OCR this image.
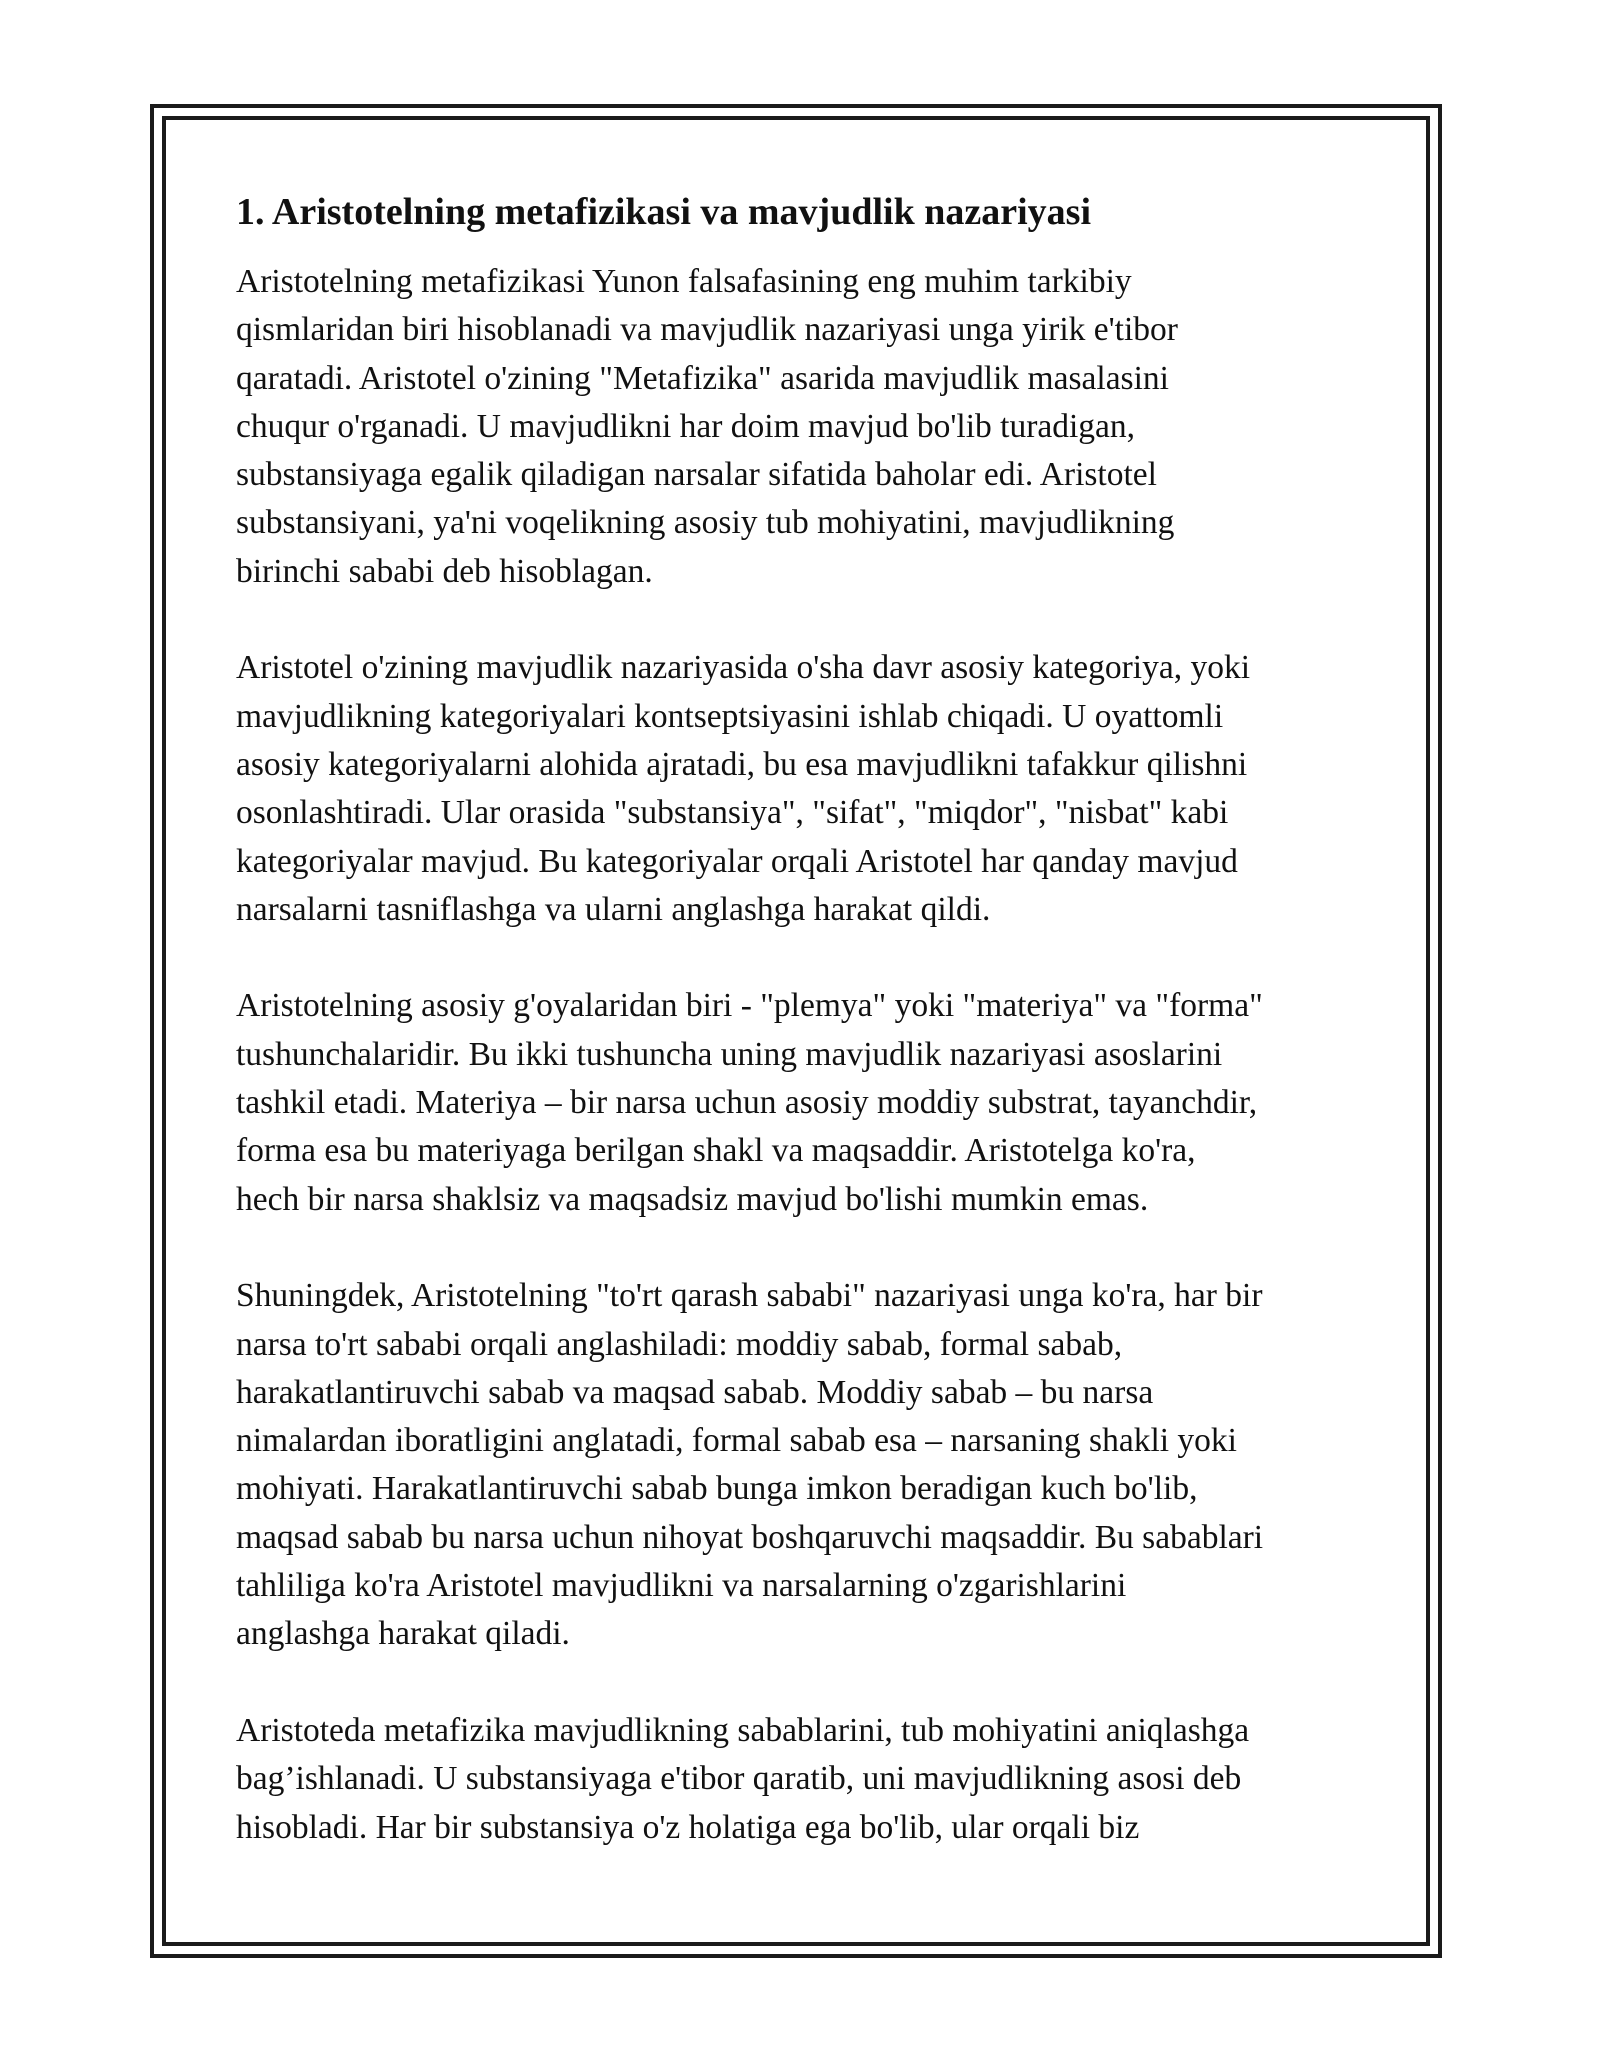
1. Aristotelning metafizikasi va mavjudlik nazariyasi

Aristotelning metafizikasi Yunon falsafasining eng muhim tarkibiy
qismlaridan biri hisoblanadi va mavjudlik nazariyasi unga yirik e'tibor
qaratadi. Aristotel o'zining "Metafizika" asarida mavjudlik masalasini
chuqur o'rganadi. U mavjudlikni har doim mavjud bo'lib turadigan,
substansiyaga egalik qiladigan narsalar sifatida baholar edi. Aristotel
substansiyani, ya'ni voqelikning asosiy tub mohiyatini, mavjudlikning
birinchi sababi deb hisoblagan.

Aristotel o'zining mavjudlik nazariyasida o'sha davr asosiy kategoriya, yoki
mavjudlikning kategoriyalari kontseptsiyasini ishlab chiqadi. U oyattomli
asosiy kategoriyalarni alohida ajratadi, bu esa mavjudlikni tafakkur qilishni
osonlashtiradi. Ular orasida "substansiya", "sifat", "miqdor", "nisbat" kabi
kategoriyalar mavjud. Bu kategoriyalar orqali Aristotel har qanday mavjud
narsalarni tasniflashga va ularni anglashga harakat qildi.

Aristotelning asosiy g'oyalaridan biri - "plemya" yoki "materiya" va "forma"
tushunchalaridir. Bu ikki tushuncha uning mavjudlik nazariyasi asoslarini
tashkil etadi. Materiya – bir narsa uchun asosiy moddiy substrat, tayanchdir,
forma esa bu materiyaga berilgan shakl va maqsaddir. Aristotelga ko'ra,
hech bir narsa shaklsiz va maqsadsiz mavjud bo'lishi mumkin emas.

Shuningdek, Aristotelning "to'rt qarash sababi" nazariyasi unga ko'ra, har bir
narsa to'rt sababi orqali anglashiladi: moddiy sabab, formal sabab,
harakatlantiruvchi sabab va maqsad sabab. Moddiy sabab – bu narsa
nimalardan iboratligini anglatadi, formal sabab esa – narsaning shakli yoki
mohiyati. Harakatlantiruvchi sabab bunga imkon beradigan kuch bo'lib,
maqsad sabab bu narsa uchun nihoyat boshqaruvchi maqsaddir. Bu sabablari
tahliliga ko'ra Aristotel mavjudlikni va narsalarning o'zgarishlarini
anglashga harakat qiladi.

Aristoteda metafizika mavjudlikning sabablarini, tub mohiyatini aniqlashga
bag’ishlanadi. U substansiyaga e'tibor qaratib, uni mavjudlikning asosi deb
hisobladi. Har bir substansiya o'z holatiga ega bo'lib, ular orqali biz
